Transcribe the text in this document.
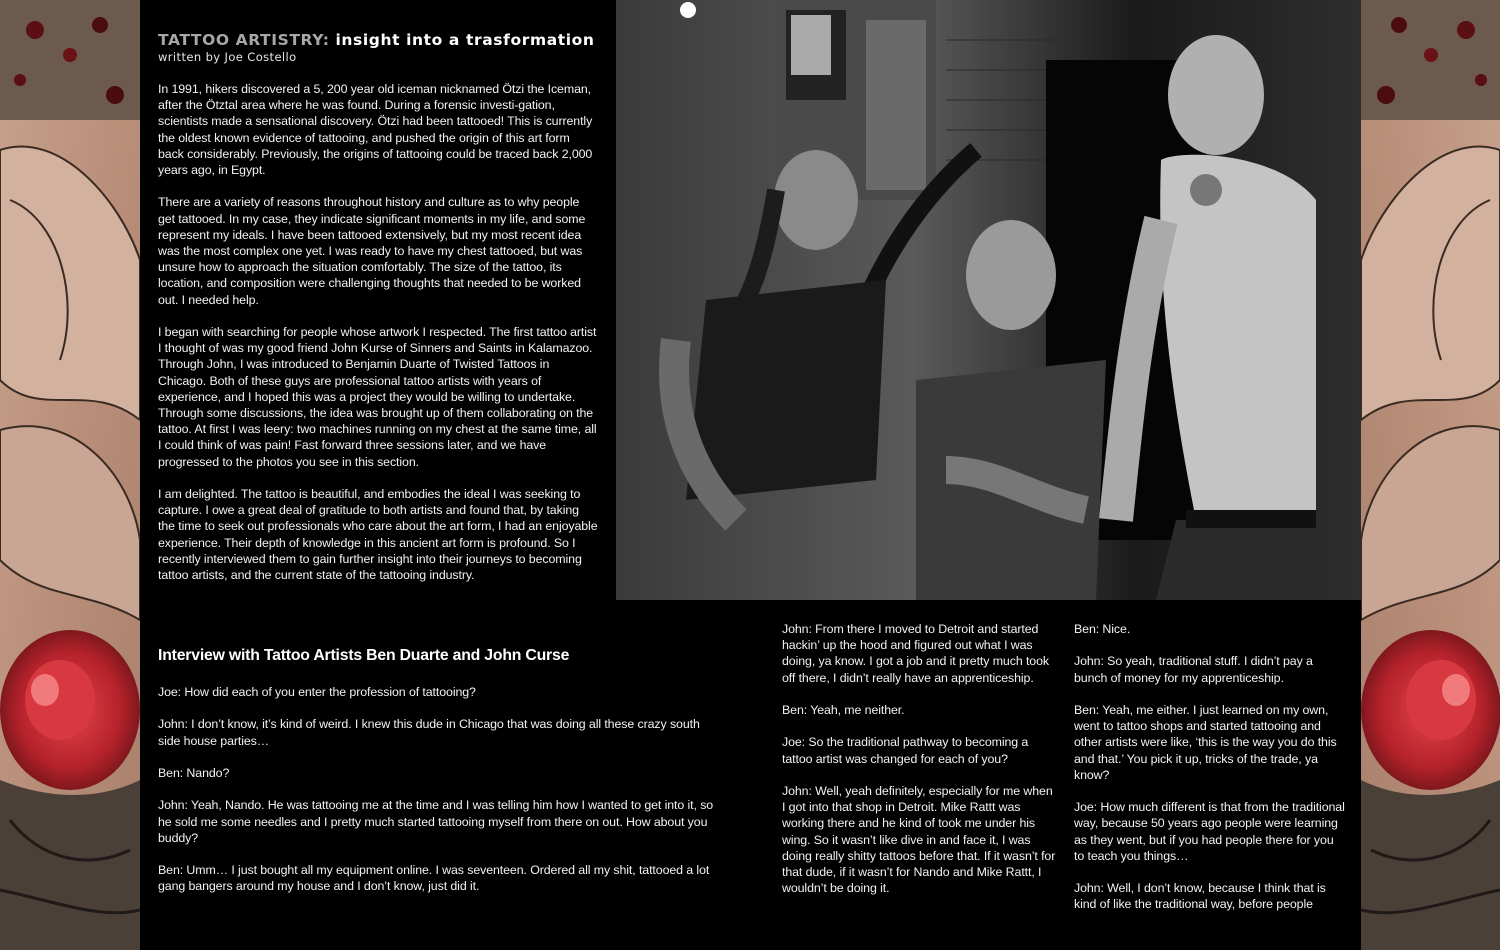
TATTOO ARTISTRY: insight into a trasformation
written by Joe Costello

In 1991, hikers discovered a 5, 200 year old iceman nicknamed Ötzi the Iceman, after the Ötztal area where he was found. During a forensic investi-gation, scientists made a sensational discovery. Ötzi had been tattooed! This is currently the oldest known evidence of tattooing, and pushed the origin of this art form back considerably. Previously, the origins of tattooing could be traced back 2,000 years ago, in Egypt.

There are a variety of reasons throughout history and culture as to why people get tattooed. In my case, they indicate significant moments in my life, and some represent my ideals. I have been tattooed extensively, but my most recent idea was the most complex one yet. I was ready to have my chest tattooed, but was unsure how to approach the situation comfortably. The size of the tattoo, its location, and composition were challenging thoughts that needed to be worked out. I needed help.

I began with searching for people whose artwork I respected. The first tattoo artist I thought of was my good friend John Kurse of Sinners and Saints in Kalamazoo. Through John, I was introduced to Benjamin Duarte of Twisted Tattoos in Chicago. Both of these guys are professional tattoo artists with years of experience, and I hoped this was a project they would be willing to undertake. Through some discussions, the idea was brought up of them collaborating on the tattoo. At first I was leery: two machines running on my chest at the same time, all I could think of was pain! Fast forward three sessions later, and we have progressed to the photos you see in this section.

I am delighted. The tattoo is beautiful, and embodies the ideal I was seeking to capture. I owe a great deal of gratitude to both artists and found that, by taking the time to seek out professionals who care about the art form, I had an enjoyable experience. Their depth of knowledge in this ancient art form is profound. So I recently interviewed them to gain further insight into their journeys to becoming tattoo artists, and the current state of the tattooing industry.

Interview with Tattoo Artists Ben Duarte and John Curse

Joe: How did each of you enter the profession of tattooing?

John: I don’t know, it’s kind of weird. I knew this dude in Chicago that was doing all these crazy south side house parties…

Ben: Nando?

John: Yeah, Nando. He was tattooing me at the time and I was telling him how I wanted to get into it, so he sold me some needles and I pretty much started tattooing myself from there on out. How about you buddy?

Ben: Umm… I just bought all my equipment online. I was seventeen. Ordered all my shit, tattooed a lot gang bangers around my house and I don’t know, just did it.

John: From there I moved to Detroit and started hackin’ up the hood and figured out what I was doing, ya know. I got a job and it pretty much took off there, I didn’t really have an apprenticeship.

Ben: Yeah, me neither.

Joe: So the traditional pathway to becoming a tattoo artist was changed for each of you?

John: Well, yeah definitely, especially for me when I got into that shop in Detroit. Mike Rattt was working there and he kind of took me under his wing. So it wasn’t like dive in and face it, I was doing really shitty tattoos before that. If it wasn’t for that dude, if it wasn’t for Nando and Mike Rattt, I wouldn’t be doing it.

Ben: Nice.

John: So yeah, traditional stuff. I didn’t pay a bunch of money for my apprenticeship.

Ben: Yeah, me either. I just learned on my own, went to tattoo shops and started tattooing and other artists were like, ‘this is the way you do this and that.’ You pick it up, tricks of the trade, ya know?

Joe: How much different is that from the traditional way, because 50 years ago people were learning as they went, but if you had people there for you to teach you things…

John: Well, I don’t know, because I think that is kind of like the traditional way, before people
